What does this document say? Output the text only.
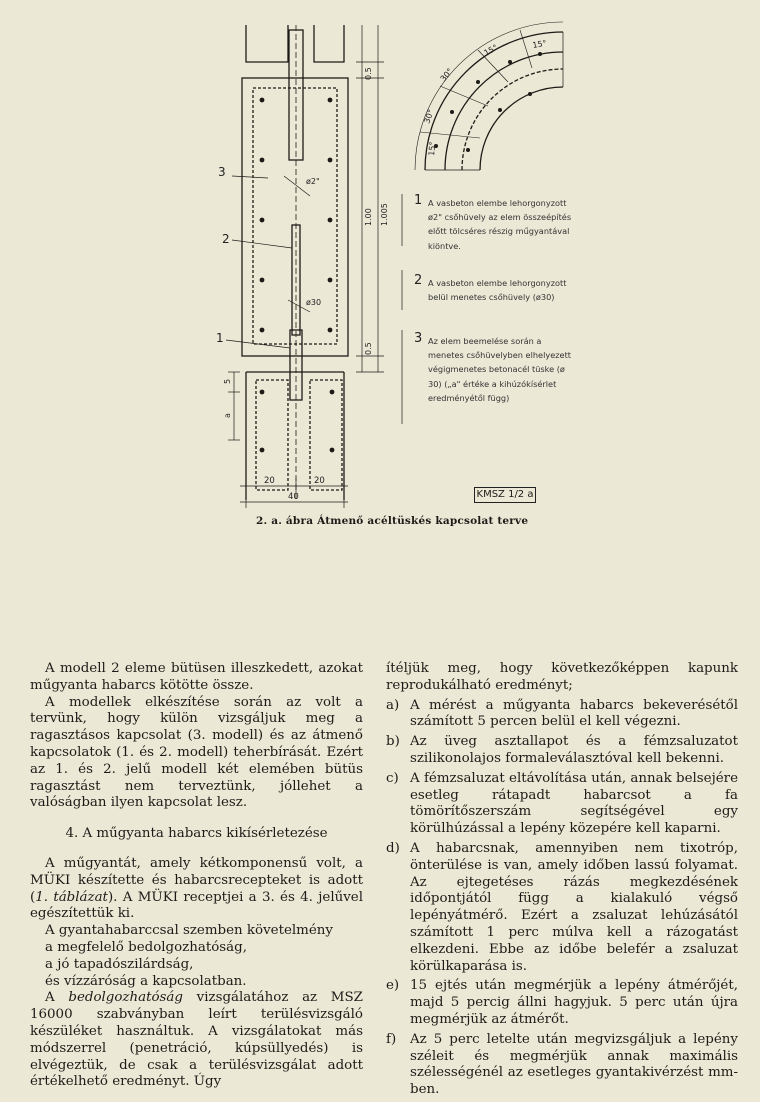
3
2
1
0.5
1.00 1.005
0.5
5
a
20	20
40
ø2"
ø30
15°
15°
30°
30°
15°
1 A vasbeton elembe lehorgonyzott ø2" csőhüvely az elem összeépítés előtt tölcséres részig műgyantával kiöntve.
2 A vasbeton elembe lehorgonyzott belül menetes csőhüvely (ø30)
3 Az elem beemelése során a menetes csőhüvelyben elhelyezett végigmenetes betonacél tüske (ø 30) („a" értéke a kihúzókísérlet eredményétől függ)
KMSZ 1/2 a
2. a. ábra Átmenő acéltüskés kapcsolat terve

A modell 2 eleme bütüsen illeszkedett, azokat műgyanta habarcs kötötte össze.

A modellek elkészítése során az volt a tervünk, hogy külön vizsgáljuk meg a ragasztásos kapcsolat (3. modell) és az átmenő kapcsolatok (1. és 2. modell) teherbírását. Ezért az 1. és 2. jelű modell két elemében bütüs ragasztást nem terveztünk, jóllehet a valóságban ilyen kapcsolat lesz.

4. A műgyanta habarcs kikísérletezése

A műgyantát, amely kétkomponensű volt, a MÜKI készítette és habarcsrecepteket is adott (1. táblázat). A MÜKI receptjei a 3. és 4. jelűvel egészítettük ki.

A gyantahabarccsal szemben követelmény

a megfelelő bedolgozhatóság,

a jó tapadószilárdság,

és vízzáróság a kapcsolatban.

A bedolgozhatóság vizsgálatához az MSZ 16000 szabványban leírt terülésvizsgáló készüléket használtuk. A vizsgálatokat más módszerrel (penetráció, kúpsüllyedés) is elvégeztük, de csak a terülésvizsgálat adott értékelhető eredményt. Úgy

ítéljük meg, hogy következőképpen kapunk reprodukálható eredményt;

a) A mérést a műgyanta habarcs bekeverésétől számított 5 percen belül el kell végezni.

b) Az üveg asztallapot és a fémzsaluzatot szilikonolajos formaleválasztóval kell bekenni.

c) A fémzsaluzat eltávolítása után, annak belsejére esetleg rátapadt habarcsot a fa tömörítőszerszám segítségével egy körülhúzással a lepény közepére kell kaparni.

d) A habarcsnak, amennyiben nem tixotróp, önterülése is van, amely időben lassú folyamat. Az ejtegetéses rázás megkezdésének időpontjától függ a kialakuló végső lepényátmérő. Ezért a zsaluzat lehúzásától számított 1 perc múlva kell a rázogatást elkezdeni. Ebbe az időbe belefér a zsaluzat körülkaparása is.

e) 15 ejtés után megmérjük a lepény átmérőjét, majd 5 percig állni hagyjuk. 5 perc után újra megmérjük az átmérőt.

f) Az 5 perc letelte után megvizsgáljuk a lepény széleit és megmérjük annak maximális szélességénél az esetleges gyantakivérzést mm-ben.
